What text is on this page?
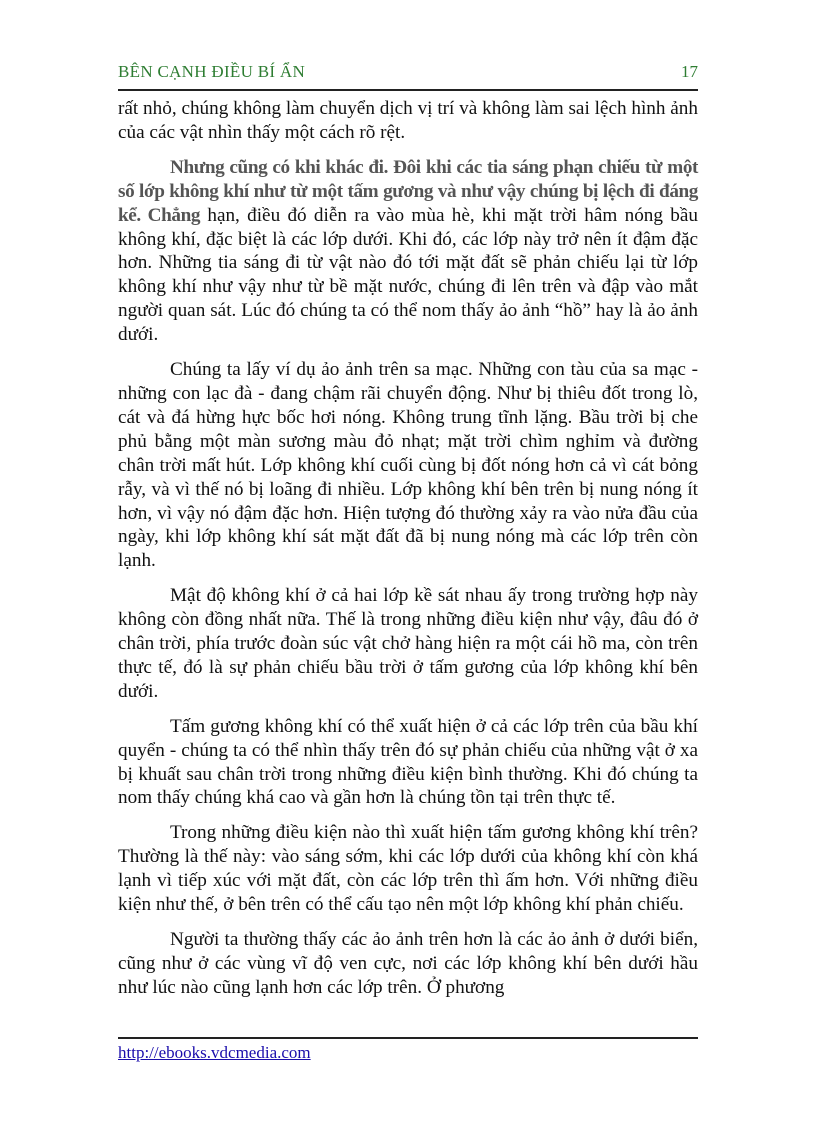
BÊN CẠNH ĐIỀU BÍ ẨN	17

rất nhỏ, chúng không làm chuyển dịch vị trí và không làm sai lệch hình ảnh của các vật nhìn thấy một cách rõ rệt.

Nhưng cũng có khi khác đi. Đôi khi các tia sáng phạn chiếu từ một số lớp không khí như từ một tấm gương và như vậy chúng bị lệch đi đáng kể. Chẳng hạn, điều đó diễn ra vào mùa hè, khi mặt trời hâm nóng bầu không khí, đặc biệt là các lớp dưới. Khi đó, các lớp này trở nên ít đậm đặc hơn. Những tia sáng đi từ vật nào đó tới mặt đất sẽ phản chiếu lại từ lớp không khí như vậy như từ bề mặt nước, chúng đi lên trên và đập vào mắt người quan sát. Lúc đó chúng ta có thể nom thấy ảo ảnh “hồ” hay là ảo ảnh dưới.

Chúng ta lấy ví dụ ảo ảnh trên sa mạc. Những con tàu của sa mạc - những con lạc đà - đang chậm rãi chuyển động. Như bị thiêu đốt trong lò, cát và đá hừng hực bốc hơi nóng. Không trung tĩnh lặng. Bầu trời bị che phủ bằng một màn sương màu đỏ nhạt; mặt trời chìm nghỉm và đường chân trời mất hút. Lớp không khí cuối cùng bị đốt nóng hơn cả vì cát bỏng rẫy, và vì thế nó bị loãng đi nhiều. Lớp không khí bên trên bị nung nóng ít hơn, vì vậy nó đậm đặc hơn. Hiện tượng đó thường xảy ra vào nửa đầu của ngày, khi lớp không khí sát mặt đất đã bị nung nóng mà các lớp trên còn lạnh.

Mật độ không khí ở cả hai lớp kề sát nhau ấy trong trường hợp này không còn đồng nhất nữa. Thế là trong những điều kiện như vậy, đâu đó ở chân trời, phía trước đoàn súc vật chở hàng hiện ra một cái hồ ma, còn trên thực tế, đó là sự phản chiếu bầu trời ở tấm gương của lớp không khí bên dưới.

Tấm gương không khí có thể xuất hiện ở cả các lớp trên của bầu khí quyển - chúng ta có thể nhìn thấy trên đó sự phản chiếu của những vật ở xa bị khuất sau chân trời trong những điều kiện bình thường. Khi đó chúng ta nom thấy chúng khá cao và gần hơn là chúng tồn tại trên thực tế.

Trong những điều kiện nào thì xuất hiện tấm gương không khí trên? Thường là thế này: vào sáng sớm, khi các lớp dưới của không khí còn khá lạnh vì tiếp xúc với mặt đất, còn các lớp trên thì ấm hơn. Với những điều kiện như thế, ở bên trên có thể cấu tạo nên một lớp không khí phản chiếu.

Người ta thường thấy các ảo ảnh trên hơn là các ảo ảnh ở dưới biển, cũng như ở các vùng vĩ độ ven cực, nơi các lớp không khí bên dưới hầu như lúc nào cũng lạnh hơn các lớp trên. Ở phương

http://ebooks.vdcmedia.com
